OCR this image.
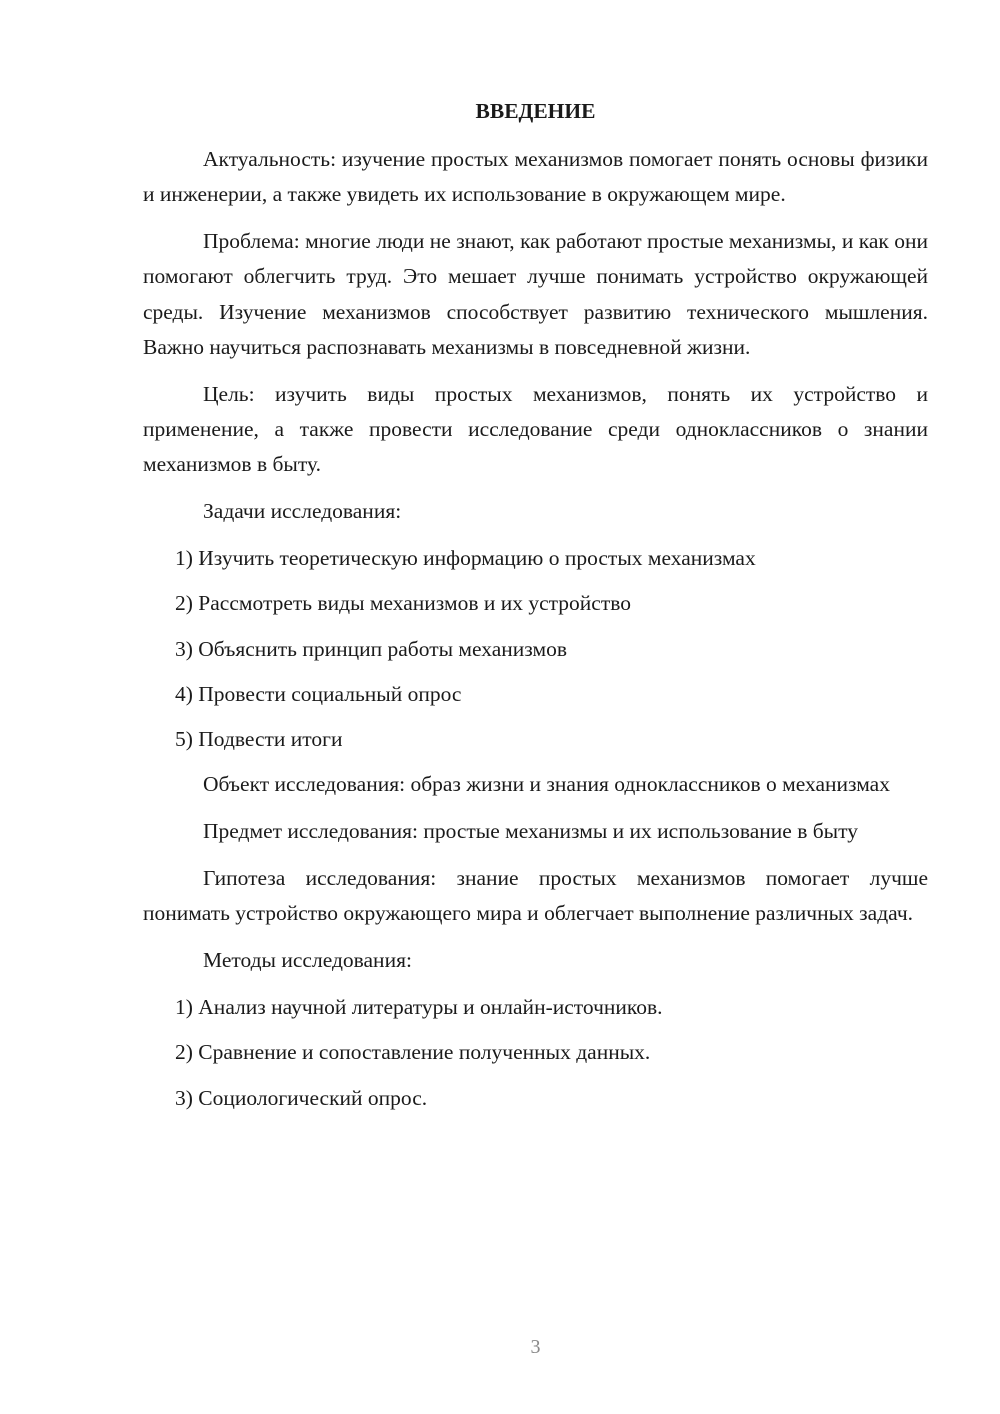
ВВЕДЕНИЕ

Актуальность: изучение простых механизмов помогает понять основы физики и инженерии, а также увидеть их использование в окружающем мире.

Проблема: многие люди не знают, как работают простые механизмы, и как они помогают облегчить труд. Это мешает лучше понимать устройство окружающей среды. Изучение механизмов способствует развитию технического мышления. Важно научиться распознавать механизмы в повседневной жизни.

Цель: изучить виды простых механизмов, понять их устройство и применение, а также провести исследование среди одноклассников о знании механизмов в быту.

Задачи исследования:

1) Изучить теоретическую информацию о простых механизмах

2) Рассмотреть виды механизмов и их устройство

3) Объяснить принцип работы механизмов

4) Провести социальный опрос

5) Подвести итоги

Объект исследования: образ жизни и знания одноклассников о механизмах

Предмет исследования: простые механизмы и их использование в быту

Гипотеза исследования: знание простых механизмов помогает лучше понимать устройство окружающего мира и облегчает выполнение различных задач.

Методы исследования:

1) Анализ научной литературы и онлайн-источников.

2) Сравнение и сопоставление полученных данных.

3) Социологический опрос.

3
